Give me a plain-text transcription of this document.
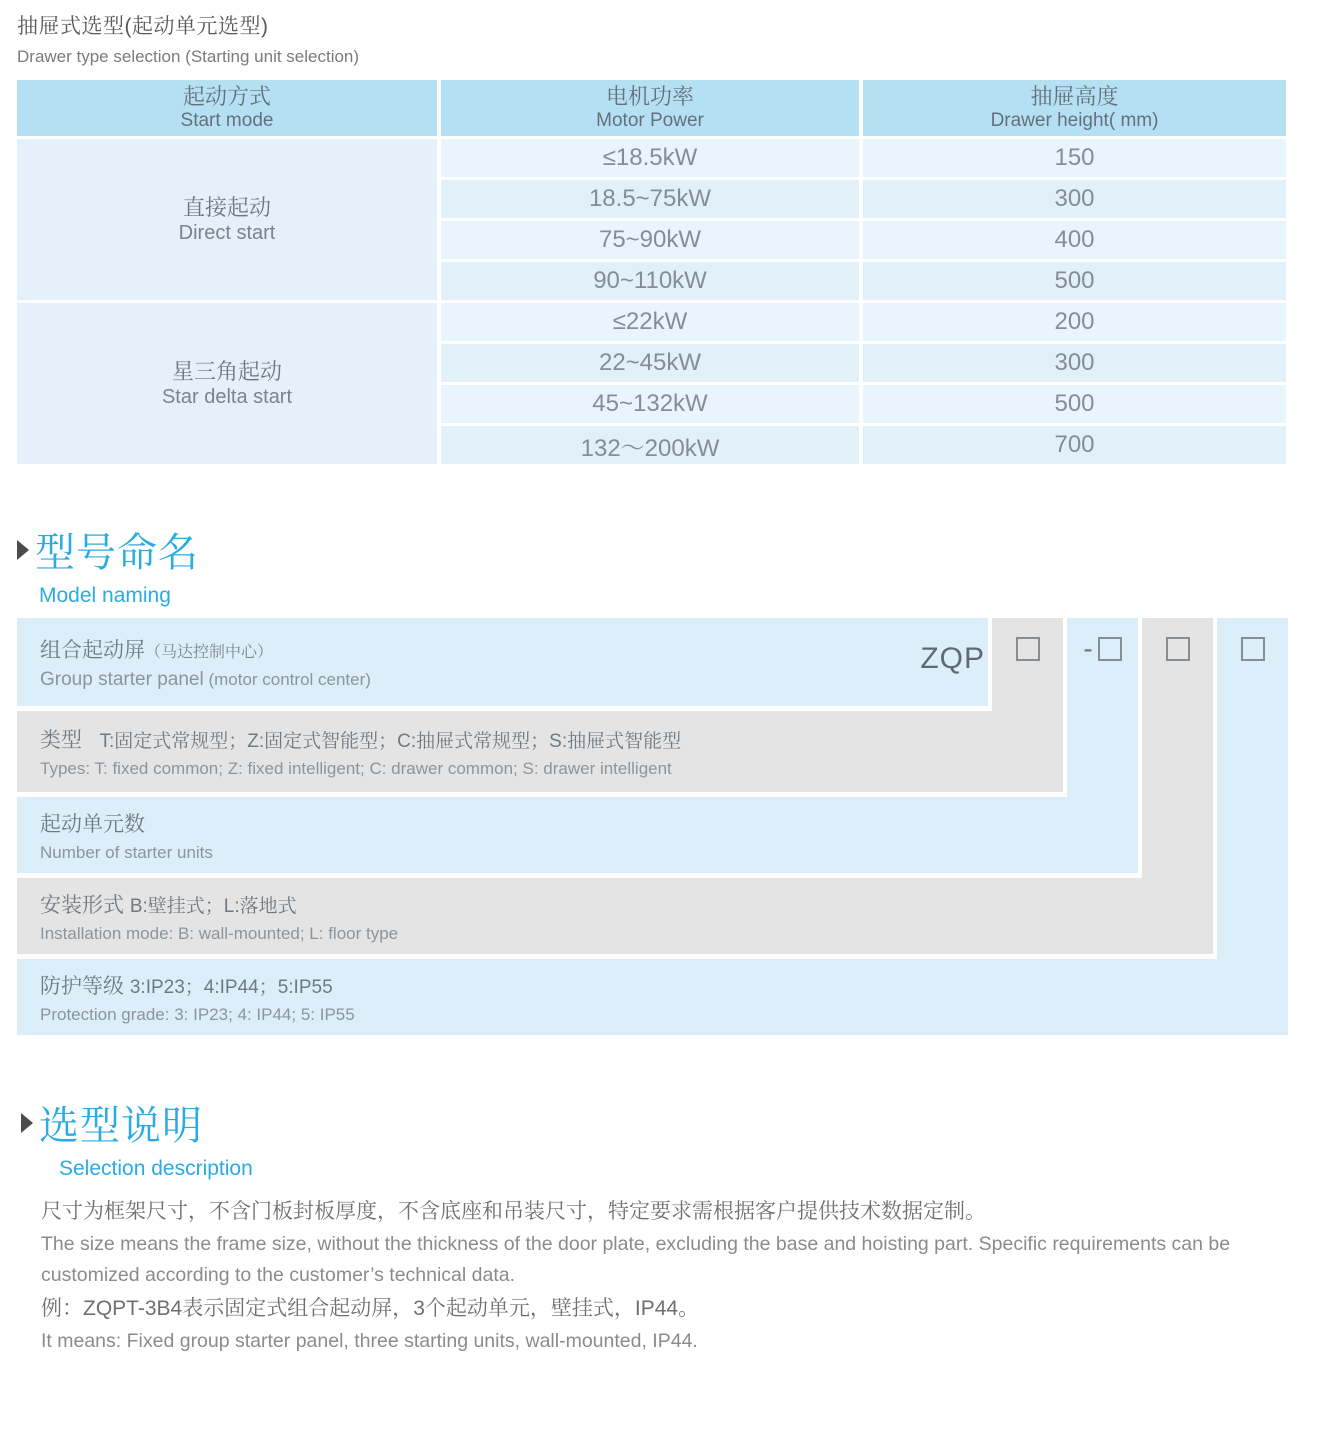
抽屉式选型(起动单元选型)
Drawer type selection (Starting unit selection)
起动方式
Start mode
电机功率
Motor Power
抽屉高度
Drawer height( mm)
直接起动
Direct start
星三角起动
Star delta start
≤18.5kW
18.5~75kW
75~90kW
90~110kW
≤22kW
22~45kW
45~132kW
132～200kW
150
300
400
500
200
300
500
700
型号命名
Model naming
组合起动屏（马达控制中心）
Group starter panel (motor control center)
ZQP	-
类型 T:固定式常规型；Z:固定式智能型；C:抽屉式常规型；S:抽屉式智能型
Types: T: fixed common; Z: fixed intelligent; C: drawer common; S: drawer intelligent
起动单元数
Number of starter units
安装形式 B:壁挂式；L:落地式
Installation mode: B: wall-mounted; L: floor type
防护等级 3:IP23；4:IP44；5:IP55
Protection grade: 3: IP23; 4: IP44; 5: IP55
选型说明
Selection description

尺寸为框架尺寸，不含门板封板厚度，不含底座和吊装尺寸，特定要求需根据客户提供技术数据定制。

The size means the frame size, without the thickness of the door plate, excluding the base and hoisting part. Specific requirements can be customized according to the customer’s technical data.

例：ZQPT-3B4表示固定式组合起动屏，3个起动单元，壁挂式，IP44。

It means: Fixed group starter panel, three starting units, wall-mounted, IP44.
